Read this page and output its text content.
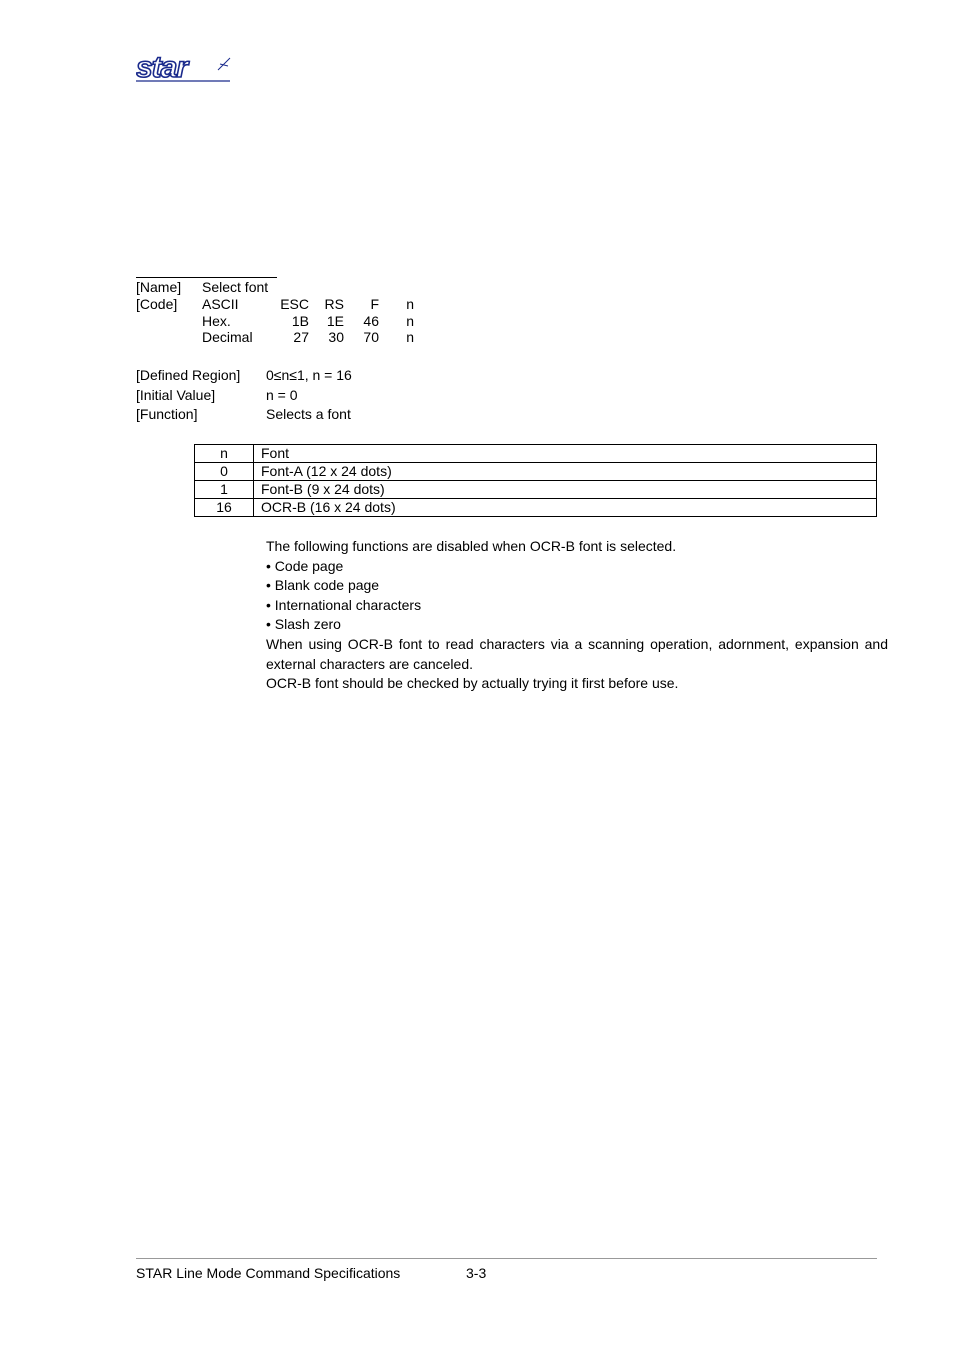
star
[Name] Select font
[Code] ASCII	ESC	RS	F	n
Hex.	1B	1E	46	n
Decimal	27	30	70	n
[Defined Region] 0≤n≤1, n = 16
[Initial Value]	n = 0
[Function]	Selects a font
n	Font
0	Font-A (12 x 24 dots)
1	Font-B (9 x 24 dots)
16	OCR-B (16 x 24 dots)

The following functions are disabled when OCR-B font is selected.

• Code page

• Blank code page

• International characters

• Slash zero

When using OCR-B font to read characters via a scanning operation, adornment, expansion and external characters are canceled.

OCR-B font should be checked by actually trying it first before use.

STAR Line Mode Command Specifications	3-3
